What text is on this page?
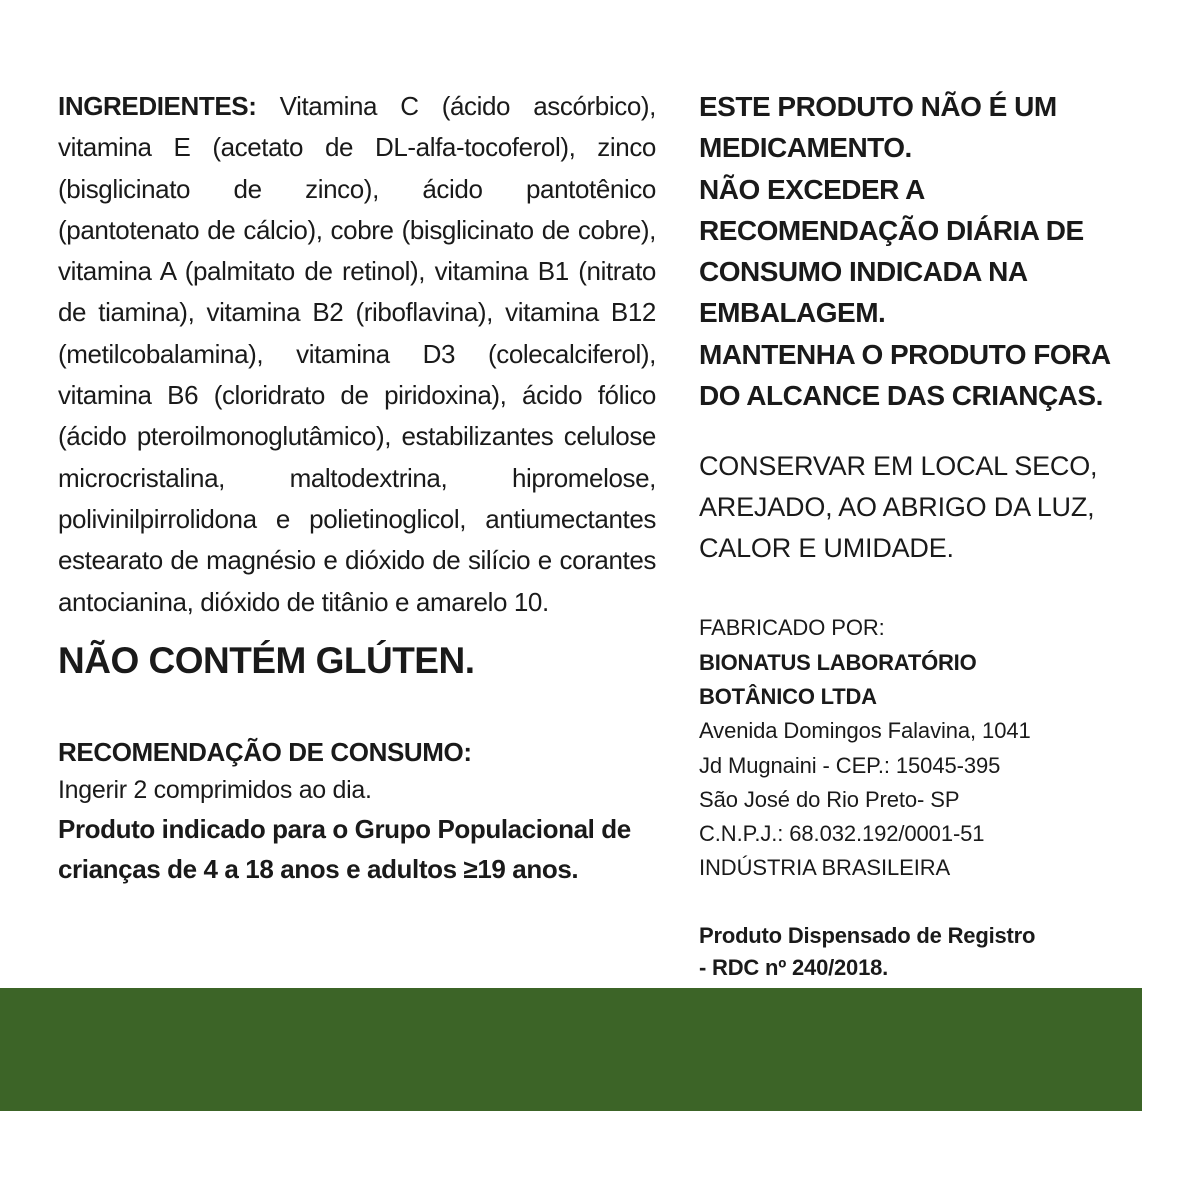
INGREDIENTES: Vitamina C (ácido ascórbico), vitamina E (acetato de DL-alfa-tocoferol), zinco (bisglicinato de zinco), ácido pantotênico (pantotenato de cálcio), cobre (bisglicinato de cobre), vitamina A (palmitato de retinol), vitamina B1 (nitrato de tiamina), vitamina B2 (riboflavina), vitamina B12 (metilcobalamina), vitamina D3 (colecalciferol), vitamina B6 (cloridrato de piridoxina), ácido fólico (ácido pteroilmonoglutâmico), estabilizantes celulose microcristalina, maltodextrina, hipromelose, polivinilpirrolidona e polietinoglicol, antiumectantes estearato de magnésio e dióxido de silício e corantes antocianina, dióxido de titânio e amarelo 10.

NÃO CONTÉM GLÚTEN.

RECOMENDAÇÃO DE CONSUMO:

Ingerir 2 comprimidos ao dia.

Produto indicado para o Grupo Populacional de crianças de 4 a 18 anos e adultos ≥19 anos.

ESTE PRODUTO NÃO É UM

MEDICAMENTO.

NÃO EXCEDER A

RECOMENDAÇÃO DIÁRIA DE

CONSUMO INDICADA NA

EMBALAGEM.

MANTENHA O PRODUTO FORA

DO ALCANCE DAS CRIANÇAS.

CONSERVAR EM LOCAL SECO,
AREJADO, AO ABRIGO DA LUZ,
CALOR E UMIDADE.

FABRICADO POR:

BIONATUS LABORATÓRIO

BOTÂNICO LTDA

Avenida Domingos Falavina, 1041

Jd Mugnaini - CEP.: 15045-395

São José do Rio Preto- SP

C.N.P.J.: 68.032.192/0001-51

INDÚSTRIA BRASILEIRA

Produto Dispensado de Registro

- RDC nº 240/2018.
